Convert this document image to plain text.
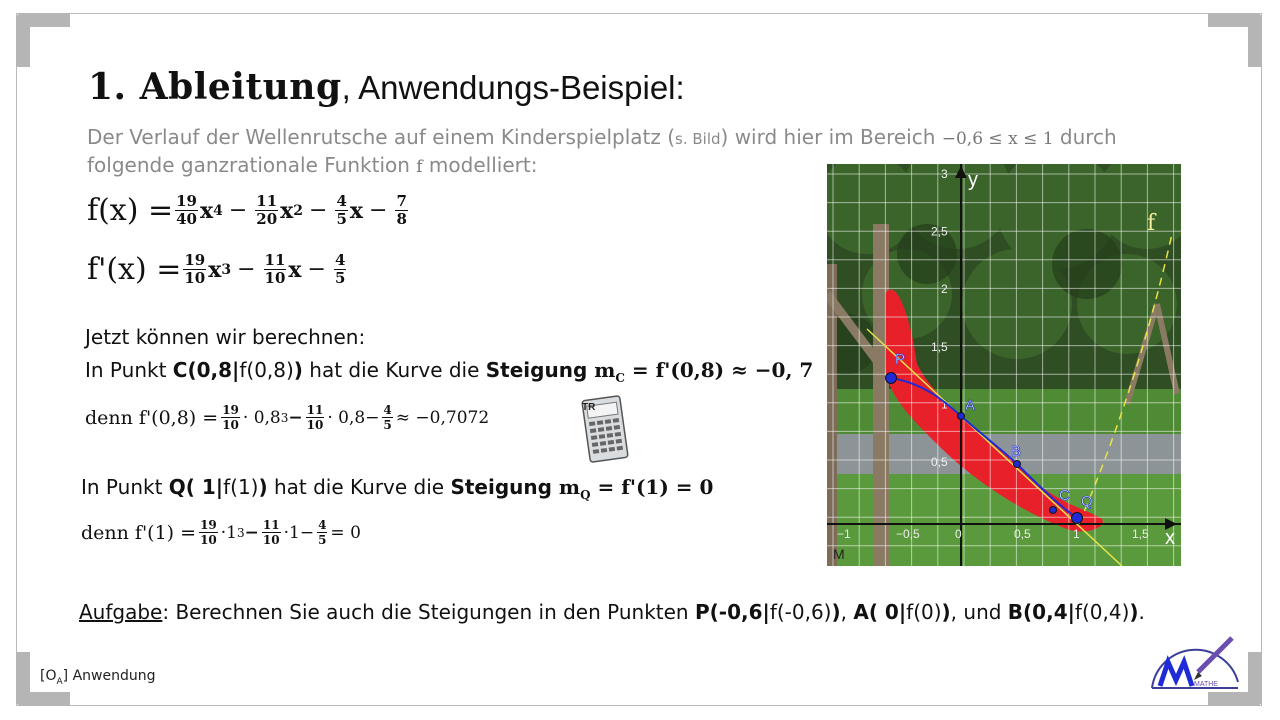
1. Ableitung, Anwendungs-Beispiel:
Der Verlauf der Wellenrutsche auf einem Kinderspielplatz (s. Bild) wird hier im Bereich −0,6 ≤ x ≤ 1 durch folgende ganzrationale Funktion f modelliert:
$f(x) = \frac{19}{40}$ x $4 - \frac{11}{20}$ x $2 - \frac{4}{5}$ $x - \frac{7}{8}$
$f'(x) = \frac{19}{10}$ x $3 - \frac{11}{10}$ $x - \frac{4}{5}$
Jetzt können wir berechnen:
In Punkt C(0,8|f(0,8)) hat die Kurve die Steigung $m_C = f'(0,8) \approx -0$, 7
denn $f'(0,8) = \frac{19}{10} \cdot 0,8$ $3 - \frac{11}{10} \cdot 0,8- \frac{4}{5} \approx -0,7072$	TR
In Punkt Q( 1|f(1)) hat die Kurve die Steigung $m_Q = f'(1) = 0$
denn $f'(1) = \frac{19}{10} \cdot 1$ $3 - \frac{11}{10} \cdot 1- \frac{4}{5} = 0$
y
x
3
2,5
2
1,5
1
0,5
−1	−0,5	0	0,5	1	1,5
f
P
A
B
C Q
M
Aufgabe: Berechnen Sie auch die Steigungen in den Punkten P(-0,6|f(-0,6)), A( 0|f(0)), und B(0,4|f(0,4)).
$[O_A]$ Anwendung
MATHE
